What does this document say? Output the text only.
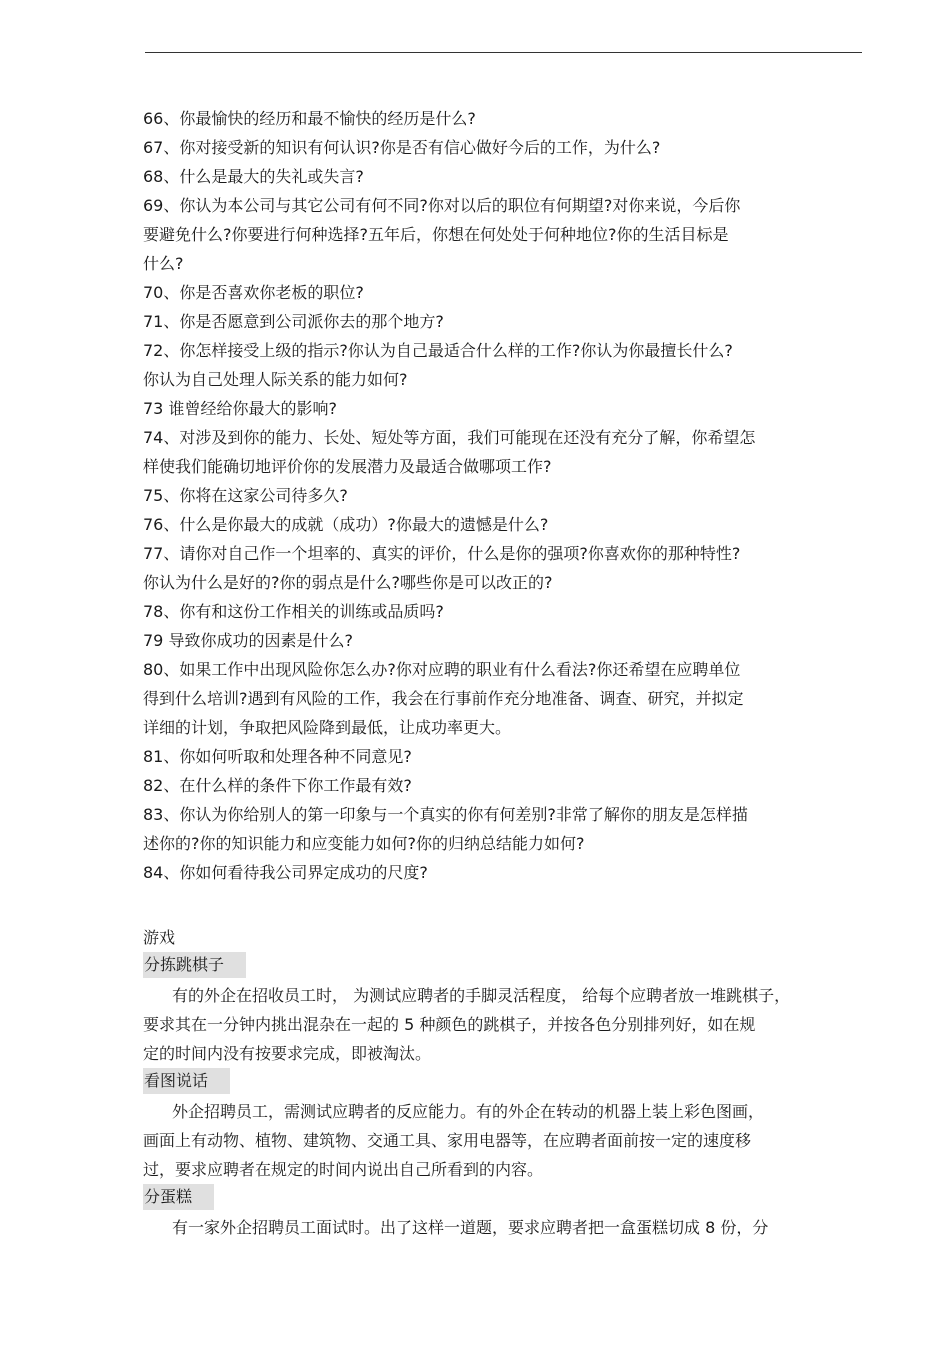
66、你最愉快的经历和最不愉快的经历是什么?
67、你对接受新的知识有何认识?你是否有信心做好今后的工作，为什么?
68、什么是最大的失礼或失言?
69、你认为本公司与其它公司有何不同?你对以后的职位有何期望?对你来说，今后你
要避免什么?你要进行何种选择?五年后，你想在何处处于何种地位?你的生活目标是
什么?
70、你是否喜欢你老板的职位?
71、你是否愿意到公司派你去的那个地方?
72、你怎样接受上级的指示?你认为自己最适合什么样的工作?你认为你最擅长什么?
你认为自己处理人际关系的能力如何?
73 谁曾经给你最大的影响?
74、对涉及到你的能力、长处、短处等方面，我们可能现在还没有充分了解，你希望怎
样使我们能确切地评价你的发展潜力及最适合做哪项工作?
75、你将在这家公司待多久?
76、什么是你最大的成就（成功）?你最大的遗憾是什么?
77、请你对自己作一个坦率的、真实的评价，什么是你的强项?你喜欢你的那种特性?
你认为什么是好的?你的弱点是什么?哪些你是可以改正的?
78、你有和这份工作相关的训练或品质吗?
79 导致你成功的因素是什么?
80、如果工作中出现风险你怎么办?你对应聘的职业有什么看法?你还希望在应聘单位
得到什么培训?遇到有风险的工作，我会在行事前作充分地准备、调查、研究，并拟定
详细的计划，争取把风险降到最低，让成功率更大。
81、你如何听取和处理各种不同意见?
82、在什么样的条件下你工作最有效?
83、你认为你给别人的第一印象与一个真实的你有何差别?非常了解你的朋友是怎样描
述你的?你的知识能力和应变能力如何?你的归纳总结能力如何?
84、你如何看待我公司界定成功的尺度?
游戏
分拣跳棋子
有的外企在招收员工时， 为测试应聘者的手脚灵活程度， 给每个应聘者放一堆跳棋子，
要求其在一分钟内挑出混杂在一起的 5 种颜色的跳棋子，并按各色分别排列好，如在规
定的时间内没有按要求完成，即被淘汰。
看图说话
外企招聘员工，需测试应聘者的反应能力。有的外企在转动的机器上装上彩色图画，
画面上有动物、植物、建筑物、交通工具、家用电器等，在应聘者面前按一定的速度移
过，要求应聘者在规定的时间内说出自己所看到的内容。
分蛋糕
有一家外企招聘员工面试时。出了这样一道题，要求应聘者把一盒蛋糕切成 8 份，分
